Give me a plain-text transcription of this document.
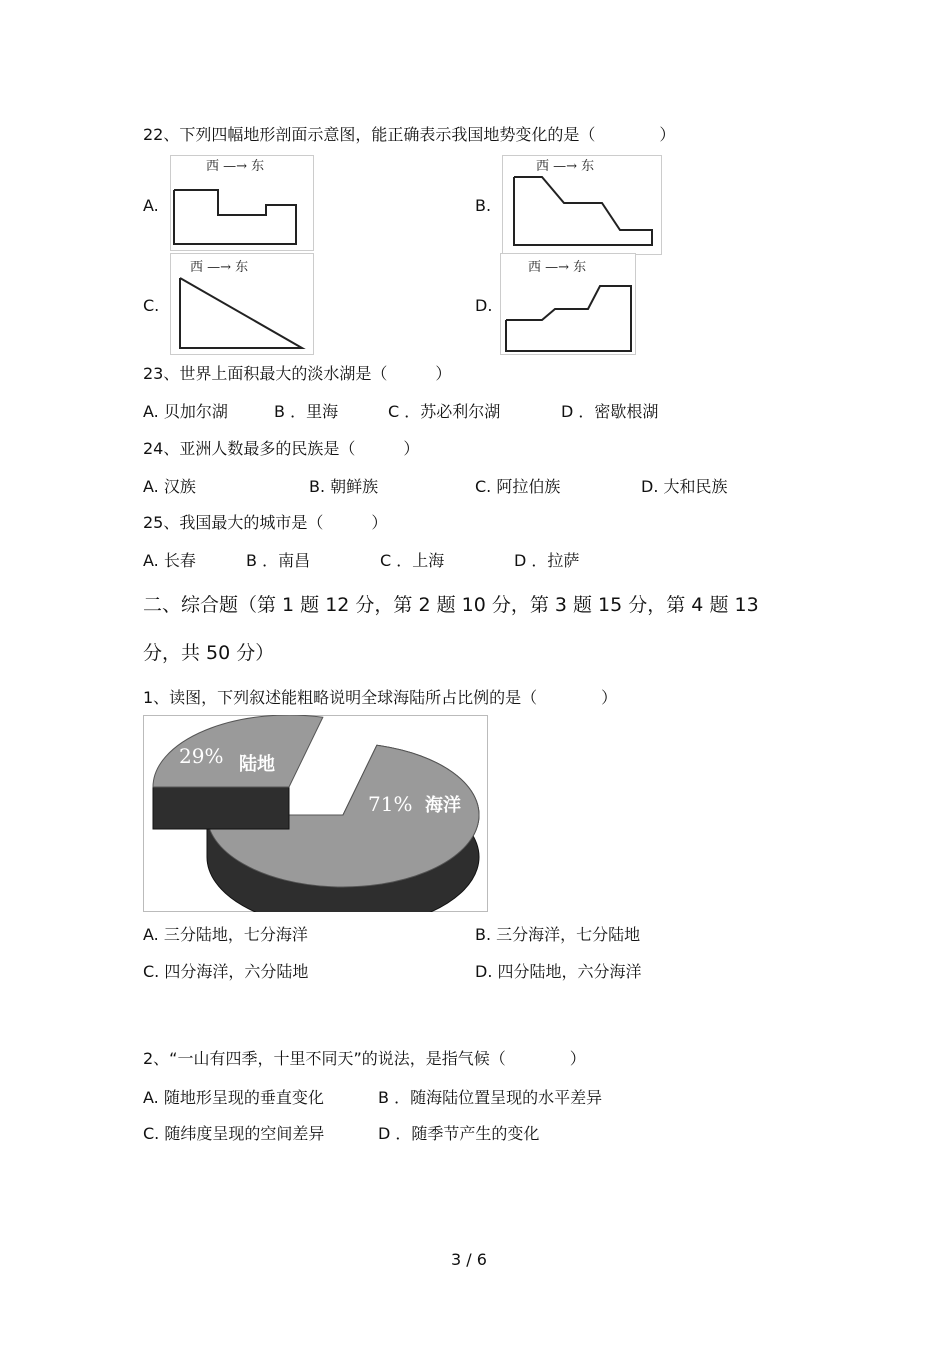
22、下列四幅地形剖面示意图，能正确表示我国地势变化的是（　　　　）
A.
西 —→ 东
B.
西 —→ 东
C.
西 —→ 东
D.
西 —→ 东
23、世界上面积最大的淡水湖是（　　　）
A. 贝加尔湖	B ．里海	C ．苏必利尔湖	D ．密歇根湖
24、亚洲人数最多的民族是（　　　）
A. 汉族	B. 朝鲜族	C. 阿拉伯族	D. 大和民族
25、我国最大的城市是（　　　）
A. 长春	B ．南昌	C ．上海	D ．拉萨
二、综合题（第 1 题 12 分，第 2 题 10 分，第 3 题 15 分，第 4 题 13
分，共 50 分）
1、读图，下列叙述能粗略说明全球海陆所占比例的是（　　　　）
29% 陆地
71% 海洋
A. 三分陆地，七分海洋	B. 三分海洋，七分陆地
C. 四分海洋，六分陆地	D. 四分陆地，六分海洋
2、“一山有四季，十里不同天”的说法，是指气候（　　　　）
A. 随地形呈现的垂直变化	B ．随海陆位置呈现的水平差异
C. 随纬度呈现的空间差异	D ．随季节产生的变化
3 / 6
